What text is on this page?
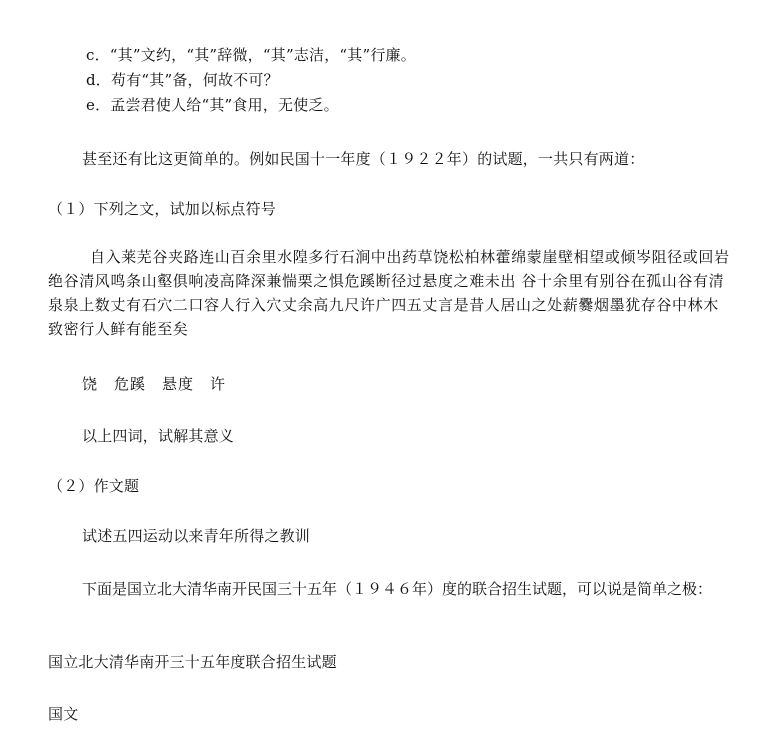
c．“其”文约，“其”辞微，“其”志洁，“其”行廉。
d．苟有“其”备，何故不可？
e．孟尝君使人给“其”食用，无使乏。
甚至还有比这更简单的。例如民国十一年度（１９２２年）的试题，一共只有两道：
（１）下列之文，试加以标点符号
自入莱芜谷夹路连山百余里水隍多行石涧中出药草饶松柏林藿绵蒙崖壁相望或倾岑阻径或回岩绝谷清风鸣条山壑俱响凌高降深兼惴栗之惧危蹊断径过悬度之难未出 谷十余里有别谷在孤山谷有清泉泉上数丈有石穴二口容人行入穴丈余高九尺许广四五丈言是昔人居山之处薪爨烟墨犹存谷中林木致密行人鲜有能至矣
饶　危蹊　悬度　许
以上四词，试解其意义
（２）作文题
试述五四运动以来青年所得之教训
下面是国立北大清华南开民国三十五年（１９４６年）度的联合招生试题，可以说是简单之极：
国立北大清华南开三十五年度联合招生试题
国文
